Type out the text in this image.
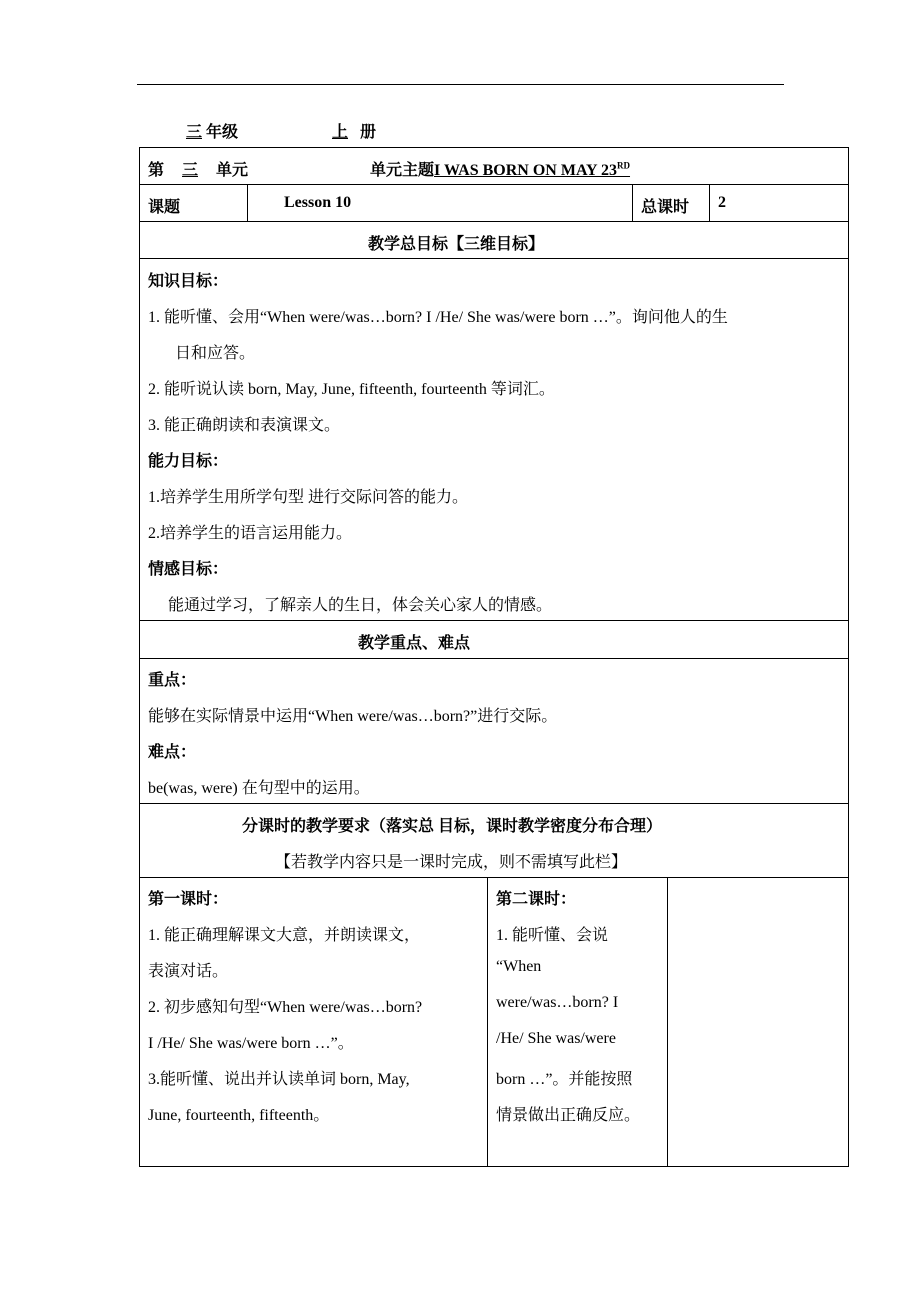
三 年级	上 册
第 三 单元	单元主题I WAS BORN ON MAY 23RD
课题	Lesson 10	总课时 2
教学总目标【三维目标】
知识目标：
1. 能听懂、会用“When were/was…born? I /He/ She was/were born …”。询问他人的生
日和应答。
2. 能听说认读 born, May, June, fifteenth, fourteenth 等词汇。
3. 能正确朗读和表演课文。
能力目标：
1.培养学生用所学句型 进行交际问答的能力。
2.培养学生的语言运用能力。
情感目标：
能通过学习，了解亲人的生日，体会关心家人的情感。
教学重点、难点
重点：
能够在实际情景中运用“When were/was…born?”进行交际。
难点：
be(was, were) 在句型中的运用。
分课时的教学要求（落实总 目标，课时教学密度分布合理）
【若教学内容只是一课时完成，则不需填写此栏】
第一课时：
1. 能正确理解课文大意，并朗读课文，
表演对话。
2. 初步感知句型“When were/was…born?
I /He/ She was/were born …”。
3.能听懂、说出并认读单词 born, May,
June, fourteenth, fifteenth。
第二课时：
1. 能听懂、会说
“When
were/was…born? I
/He/ She was/were
born …”。并能按照
情景做出正确反应。
